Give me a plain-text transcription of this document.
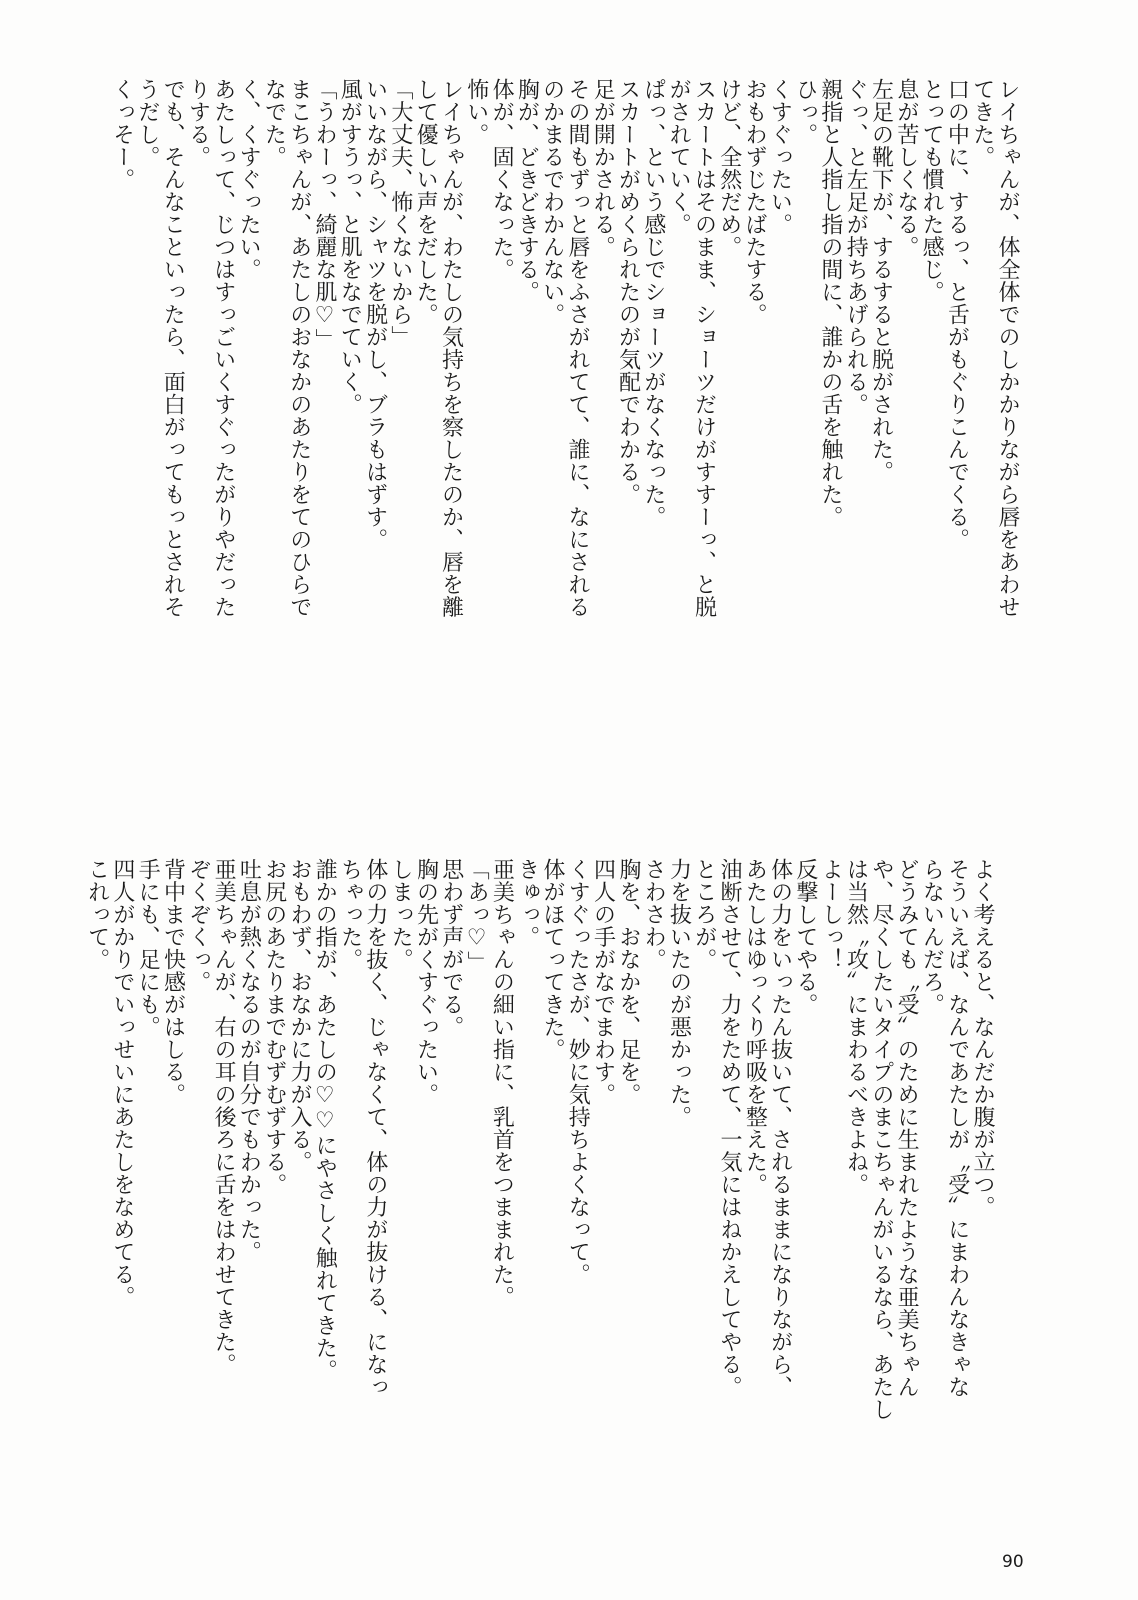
レイちゃんが、体全体でのしかかりながら唇をあわせ
てきた。
口の中に、するっ、と舌がもぐりこんでくる。
とっても慣れた感じ。
息が苦しくなる。
左足の靴下が、するすると脱がされた。
ぐっ、と左足が持ちあげられる。
親指と人指し指の間に、誰かの舌を触れた。
ひっ。
くすぐったい。
おもわずじたばたする。
けど、全然だめ。
スカートはそのまま、ショーツだけがすすーっ、と脱
がされていく。
ぱっ、という感じでショーツがなくなった。
スカートがめくられたのが気配でわかる。
足が開かされる。
その間もずっと唇をふさがれてて、誰に、なにされる
のかまるでわかんない。
胸が、どきどきする。
体が、固くなった。
怖い。
レイちゃんが、わたしの気持ちを察したのか、唇を離
して優しい声をだした。
「大丈夫、怖くないから」
いいながら、シャツを脱がし、ブラもはずす。
風がすうっ、と肌をなでていく。
「うわーっ、綺麗な肌♡」
まこちゃんが、あたしのおなかのあたりをてのひらで
なでた。
く、くすぐったい。
あたしって、じつはすっごいくすぐったがりやだった
りする。
でも、そんなこといったら、面白がってもっとされそ
うだし。
くっそー。
よく考えると、なんだか腹が立つ。
そういえば、なんであたしが〝受〟にまわんなきゃな
らないんだろ。
どうみても〝受〟のために生まれたような亜美ちゃん
や、尽くしたいタイプのまこちゃんがいるなら、あたし
は当然〝攻〟にまわるべきよね。
よーしっ！
反撃してやる。
体の力をいったん抜いて、されるままになりながら、
あたしはゆっくり呼吸を整えた。
油断させて、力をためて、一気にはねかえしてやる。
ところが。
力を抜いたのが悪かった。
さわさわ。
胸を、おなかを、足を。
四人の手がなでまわす。
くすぐったさが、妙に気持ちよくなって。
体がほてってきた。
きゅっ。
亜美ちゃんの細い指に、乳首をつままれた。
「あっ♡」
思わず声がでる。
胸の先がくすぐったい。
しまった。
体の力を抜く、じゃなくて、体の力が抜ける、になっ
ちゃった。
誰かの指が、あたしの♡♡にやさしく触れてきた。
おもわず、おなかに力が入る。
お尻のあたりまでむずむずする。
吐息が熱くなるのが自分でもわかった。
亜美ちゃんが、右の耳の後ろに舌をはわせてきた。
ぞくぞくっ。
背中まで快感がはしる。
手にも、足にも。
四人がかりでいっせいにあたしをなめてる。
これって。
90
